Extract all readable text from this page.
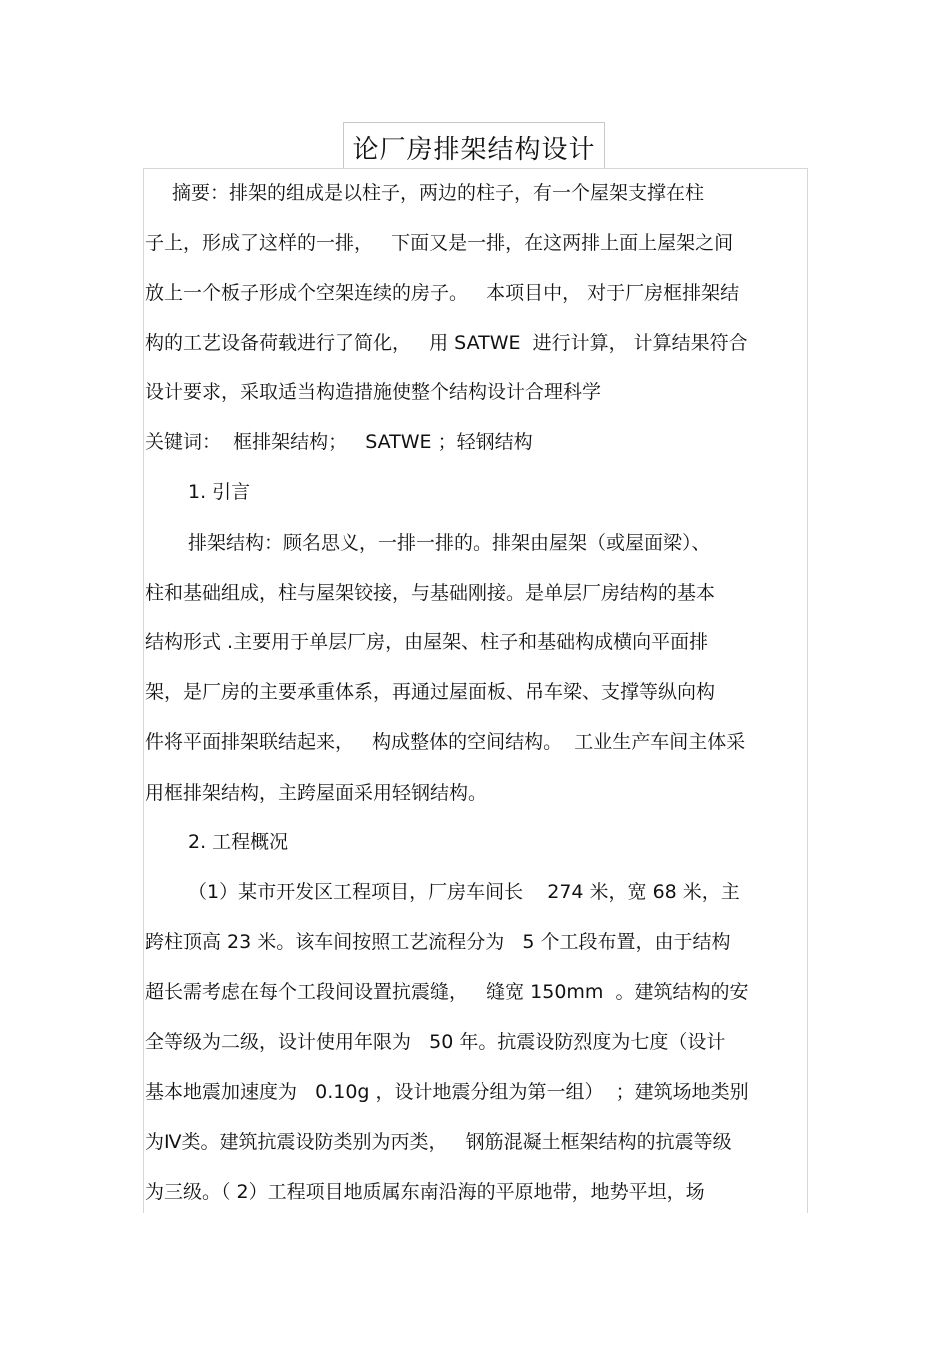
论厂房排架结构设计
摘要：排架的组成是以柱子，两边的柱子，有一个屋架支撑在柱
子上，形成了这样的一排，   下面又是一排，在这两排上面上屋架之间
放上一个板子形成个空架连续的房子。   本项目中， 对于厂房框排架结
构的工艺设备荷载进行了简化，   用 SATWE  进行计算， 计算结果符合
设计要求，采取适当构造措施使整个结构设计合理科学
关键词：  框排架结构；   SATWE ；轻钢结构
1. 引言
排架结构：顾名思义，一排一排的。排架由屋架（或屋面梁）、
柱和基础组成，柱与屋架铰接，与基础刚接。是单层厂房结构的基本
结构形式 .主要用于单层厂房，由屋架、柱子和基础构成横向平面排
架，是厂房的主要承重体系，再通过屋面板、吊车梁、支撑等纵向构
件将平面排架联结起来，   构成整体的空间结构。  工业生产车间主体采
用框排架结构，主跨屋面采用轻钢结构。
2. 工程概况
（1）某市开发区工程项目，厂房车间长    274 米，宽 68 米，主
跨柱顶高 23 米。该车间按照工艺流程分为   5 个工段布置，由于结构
超长需考虑在每个工段间设置抗震缝，   缝宽 150mm  。建筑结构的安
全等级为二级，设计使用年限为   50 年。抗震设防烈度为七度（设计
基本地震加速度为   0.10g ，设计地震分组为第一组）  ；建筑场地类别
为Ⅳ类。建筑抗震设防类别为丙类，   钢筋混凝土框架结构的抗震等级
为三级。（ 2）工程项目地质属东南沿海的平原地带，地势平坦，场
